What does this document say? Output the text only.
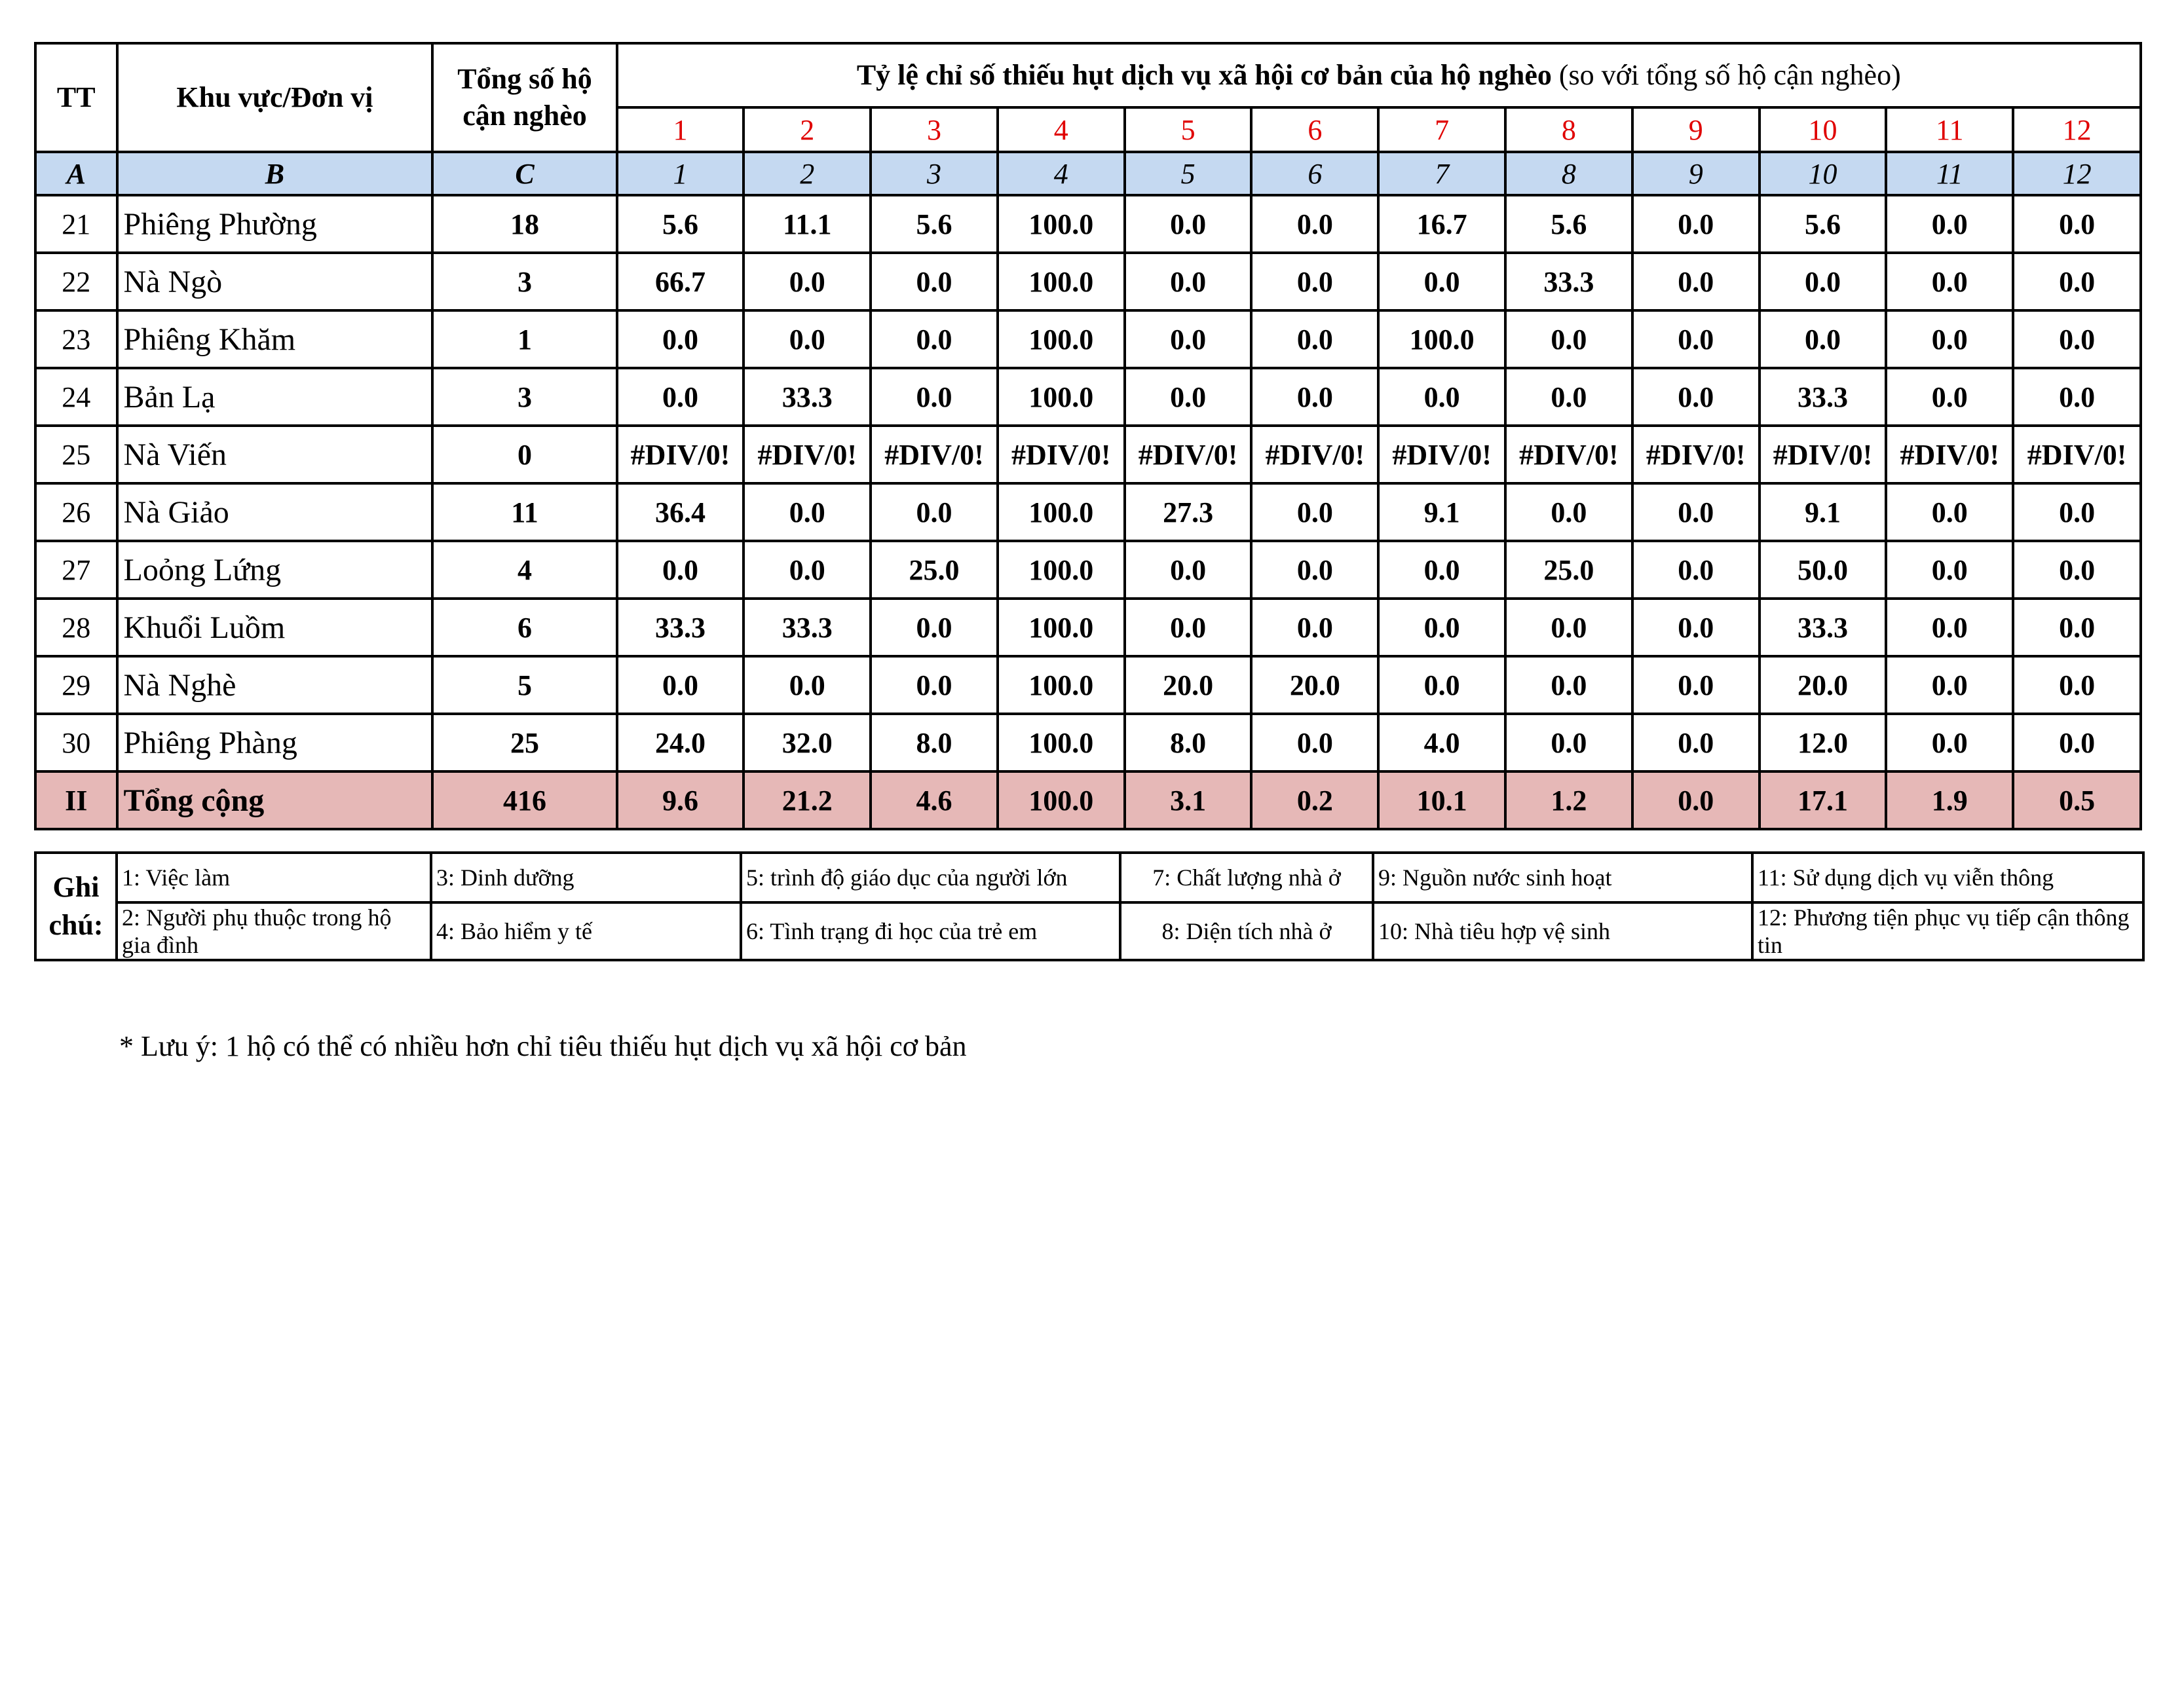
TT	Khu vực/Đơn vị	Tổng số hộ
cận nghèo	Tỷ lệ chỉ số thiếu hụt dịch vụ xã hội cơ bản của hộ nghèo (so với tổng số hộ cận nghèo)											
			1	2	3	4	5	6	7	8	9	10	11	12
A	B	C	1	2	3	4	5	6	7	8	9	10	11	12
21	Phiêng Phường	18	5.6	11.1	5.6	100.0	0.0	0.0	16.7	5.6	0.0	5.6	0.0	0.0
22	Nà Ngò	3	66.7	0.0	0.0	100.0	0.0	0.0	0.0	33.3	0.0	0.0	0.0	0.0
23	Phiêng Khăm	1	0.0	0.0	0.0	100.0	0.0	0.0	100.0	0.0	0.0	0.0	0.0	0.0
24	Bản Lạ	3	0.0	33.3	0.0	100.0	0.0	0.0	0.0	0.0	0.0	33.3	0.0	0.0
25	Nà Viến	0	#DIV/0!	#DIV/0!	#DIV/0!	#DIV/0!	#DIV/0!	#DIV/0!	#DIV/0!	#DIV/0!	#DIV/0!	#DIV/0!	#DIV/0!	#DIV/0!
26	Nà Giảo	11	36.4	0.0	0.0	100.0	27.3	0.0	9.1	0.0	0.0	9.1	0.0	0.0
27	Loỏng Lứng	4	0.0	0.0	25.0	100.0	0.0	0.0	0.0	25.0	0.0	50.0	0.0	0.0
28	Khuổi Luồm	6	33.3	33.3	0.0	100.0	0.0	0.0	0.0	0.0	0.0	33.3	0.0	0.0
29	Nà Nghè	5	0.0	0.0	0.0	100.0	20.0	20.0	0.0	0.0	0.0	20.0	0.0	0.0
30	Phiêng Phàng	25	24.0	32.0	8.0	100.0	8.0	0.0	4.0	0.0	0.0	12.0	0.0	0.0
II	Tổng cộng	416	9.6	21.2	4.6	100.0	3.1	0.2	10.1	1.2	0.0	17.1	1.9	0.5
Ghi
chú:	1: Việc làm	3: Dinh dưỡng	5: trình độ giáo dục của người lớn	7: Chất lượng nhà ở	9: Nguồn nước sinh hoạt	11: Sử dụng dịch vụ viễn thông
	2: Người phụ thuộc trong hộ gia đình	4: Bảo hiểm y tế	6: Tình trạng đi học của trẻ em	8: Diện tích nhà ở	10: Nhà tiêu hợp vệ sinh	12: Phương tiện phục vụ tiếp cận thông tin
* Lưu ý: 1 hộ có thể có nhiều hơn chỉ tiêu thiếu hụt dịch vụ xã hội cơ bản
